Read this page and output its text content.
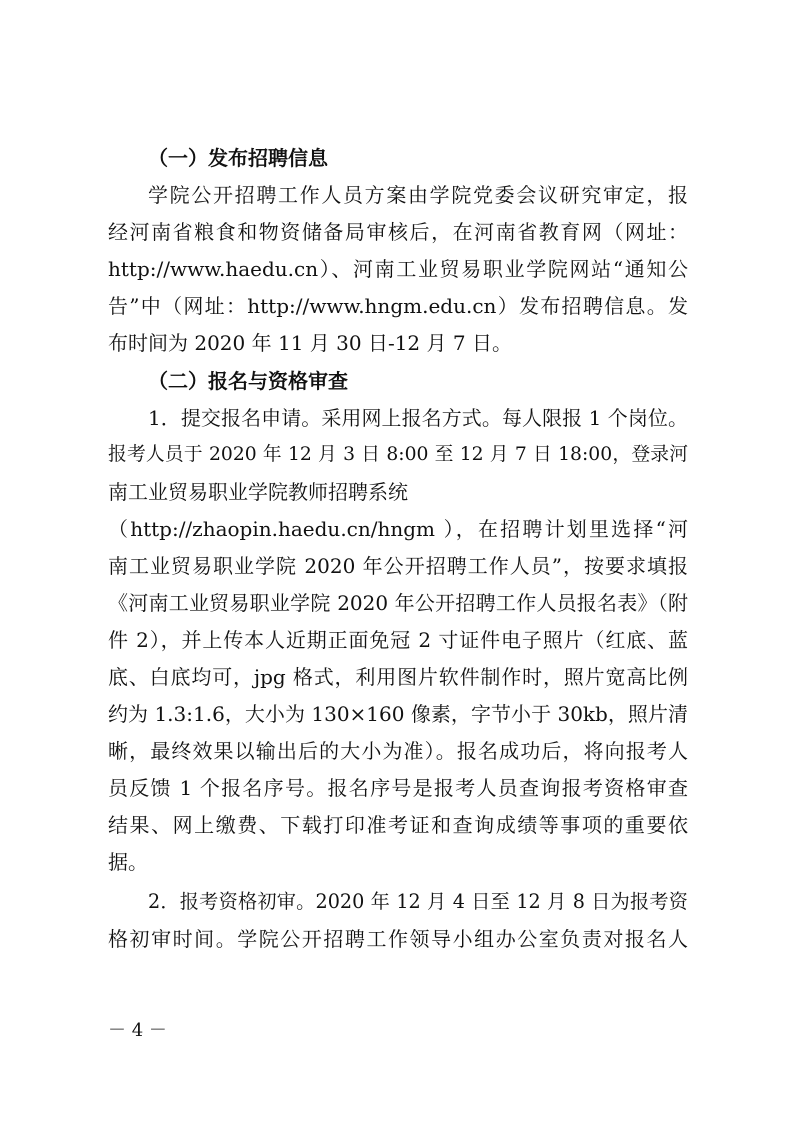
（一）发布招聘信息
学院公开招聘工作人员方案由学院党委会议研究审定，报
经河南省粮食和物资储备局审核后，在河南省教育网（网址：
http://www.haedu.cn）、河南工业贸易职业学院网站“通知公
告”中（网址：http://www.hngm.edu.cn）发布招聘信息。发
布时间为 2020 年 11 月 30 日-12 月 7 日。
（二）报名与资格审查
1．提交报名申请。采用网上报名方式。每人限报 1 个岗位。
报考人员于 2020 年 12 月 3 日 8:00 至 12 月 7 日 18:00，登录河
南工业贸易职业学院教师招聘系统
（http://zhaopin.haedu.cn/hngm ），在招聘计划里选择“河
南工业贸易职业学院 2020 年公开招聘工作人员”，按要求填报
《河南工业贸易职业学院 2020 年公开招聘工作人员报名表》（附
件 2），并上传本人近期正面免冠 2 寸证件电子照片（红底、蓝
底、白底均可，jpg 格式，利用图片软件制作时，照片宽高比例
约为 1.3:1.6，大小为 130×160 像素，字节小于 30kb，照片清
晰，最终效果以输出后的大小为准）。报名成功后，将向报考人
员反馈 1 个报名序号。报名序号是报考人员查询报考资格审查
结果、网上缴费、下载打印准考证和查询成绩等事项的重要依
据。
2．报考资格初审。2020 年 12 月 4 日至 12 月 8 日为报考资
格初审时间。学院公开招聘工作领导小组办公室负责对报名人
－ 4 －
